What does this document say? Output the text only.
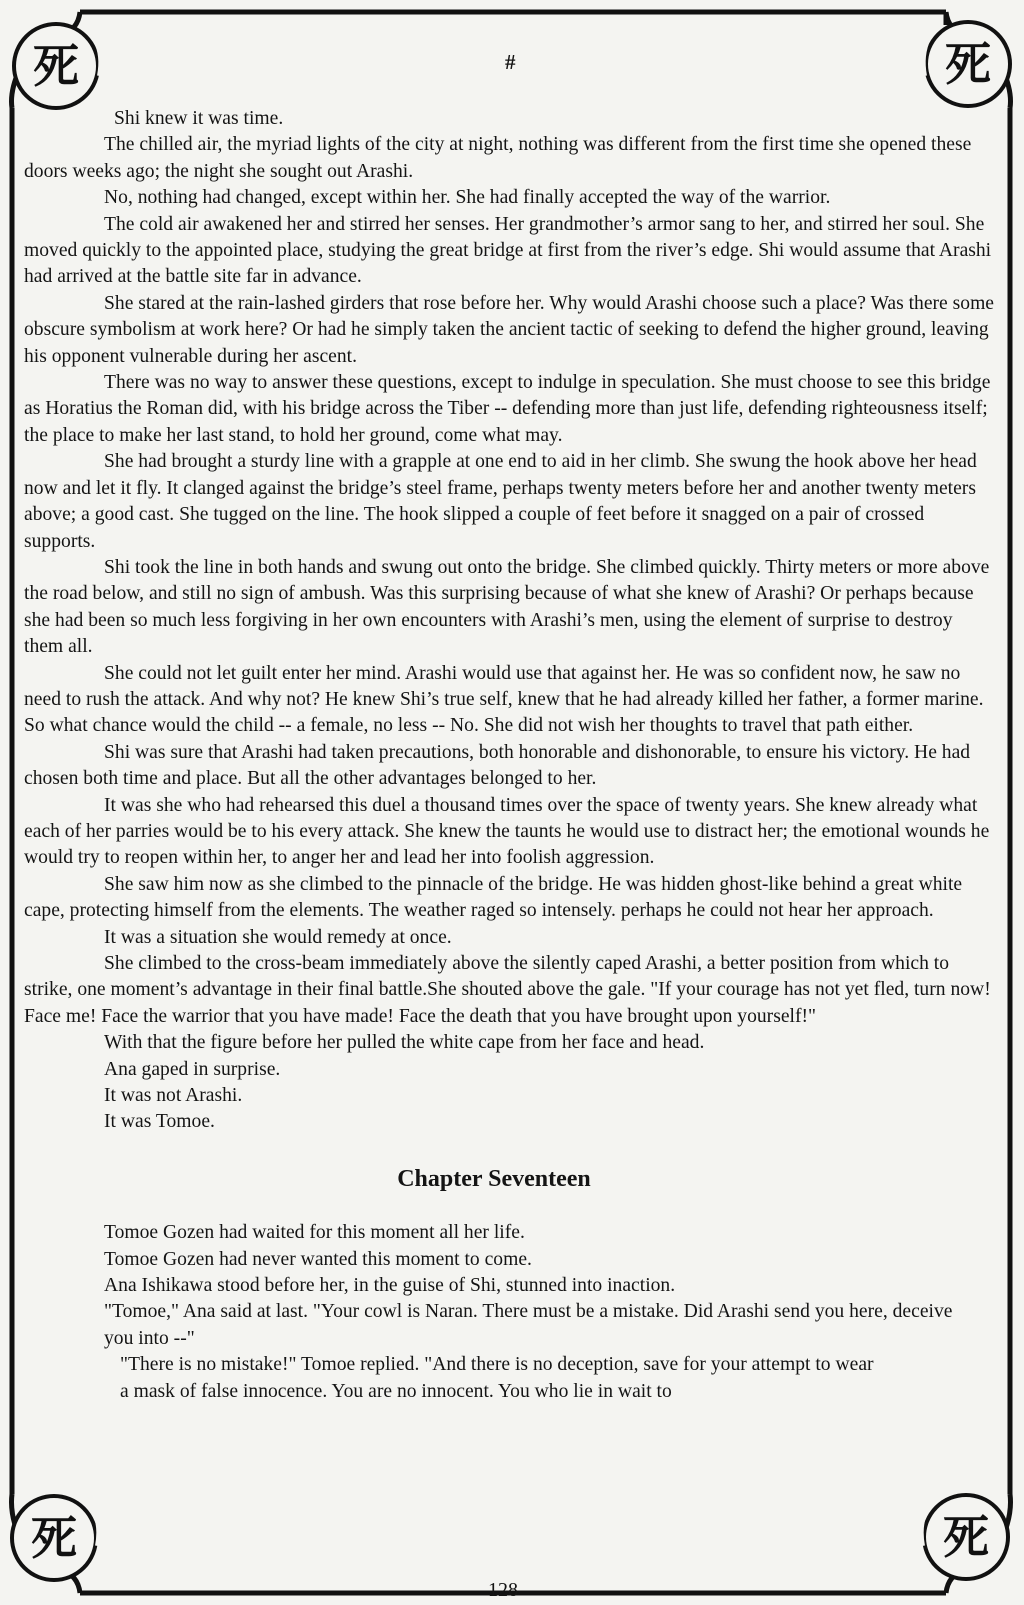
死	死
死	死
#

Shi knew it was time.

The chilled air, the myriad lights of the city at night, nothing was different from the first time she opened these doors weeks ago; the night she sought out Arashi.

No, nothing had changed, except within her. She had finally accepted the way of the warrior.

The cold air awakened her and stirred her senses. Her grandmother’s armor sang to her, and stirred her soul. She moved quickly to the appointed place, studying the great bridge at first from the river’s edge. Shi would assume that Arashi had arrived at the battle site far in advance.

She stared at the rain-lashed girders that rose before her. Why would Arashi choose such a place? Was there some obscure symbolism at work here? Or had he simply taken the ancient tactic of seeking to defend the higher ground, leaving his opponent vulnerable during her ascent.

There was no way to answer these questions, except to indulge in speculation. She must choose to see this bridge as Horatius the Roman did, with his bridge across the Tiber -- defending more than just life, defending righteousness itself; the place to make her last stand, to hold her ground, come what may.

She had brought a sturdy line with a grapple at one end to aid in her climb. She swung the hook above her head now and let it fly. It clanged against the bridge’s steel frame, perhaps twenty meters before her and another twenty meters above; a good cast. She tugged on the line. The hook slipped a couple of feet before it snagged on a pair of crossed supports.

Shi took the line in both hands and swung out onto the bridge. She climbed quickly. Thirty meters or more above the road below, and still no sign of ambush. Was this surprising because of what she knew of Arashi? Or perhaps because she had been so much less forgiving in her own encounters with Arashi’s men, using the element of surprise to destroy them all.

She could not let guilt enter her mind. Arashi would use that against her. He was so confident now, he saw no need to rush the attack. And why not? He knew Shi’s true self, knew that he had already killed her father, a former marine. So what chance would the child -- a female, no less -- No. She did not wish her thoughts to travel that path either.

Shi was sure that Arashi had taken precautions, both honorable and dishonorable, to ensure his victory. He had chosen both time and place. But all the other advantages belonged to her.

It was she who had rehearsed this duel a thousand times over the space of twenty years. She knew already what each of her parries would be to his every attack. She knew the taunts he would use to distract her; the emotional wounds he would try to reopen within her, to anger her and lead her into foolish aggression.

She saw him now as she climbed to the pinnacle of the bridge. He was hidden ghost-like behind a great white cape, protecting himself from the elements. The weather raged so intensely. perhaps he could not hear her approach.

It was a situation she would remedy at once.

She climbed to the cross-beam immediately above the silently caped Arashi, a better position from which to strike, one moment’s advantage in their final battle.She shouted above the gale. "If your courage has not yet fled, turn now! Face me! Face the warrior that you have made! Face the death that you have brought upon yourself!"

With that the figure before her pulled the white cape from her face and head.

Ana gaped in surprise.

It was not Arashi.

It was Tomoe.

Chapter Seventeen

Tomoe Gozen had waited for this moment all her life.

Tomoe Gozen had never wanted this moment to come.

Ana Ishikawa stood before her, in the guise of Shi, stunned into inaction.

"Tomoe," Ana said at last. "Your cowl is Naran. There must be a mistake. Did Arashi send you here, deceive you into --"

"There is no mistake!" Tomoe replied. "And there is no deception, save for your attempt to wear a mask of false innocence. You are no innocent. You who lie in wait to

128
